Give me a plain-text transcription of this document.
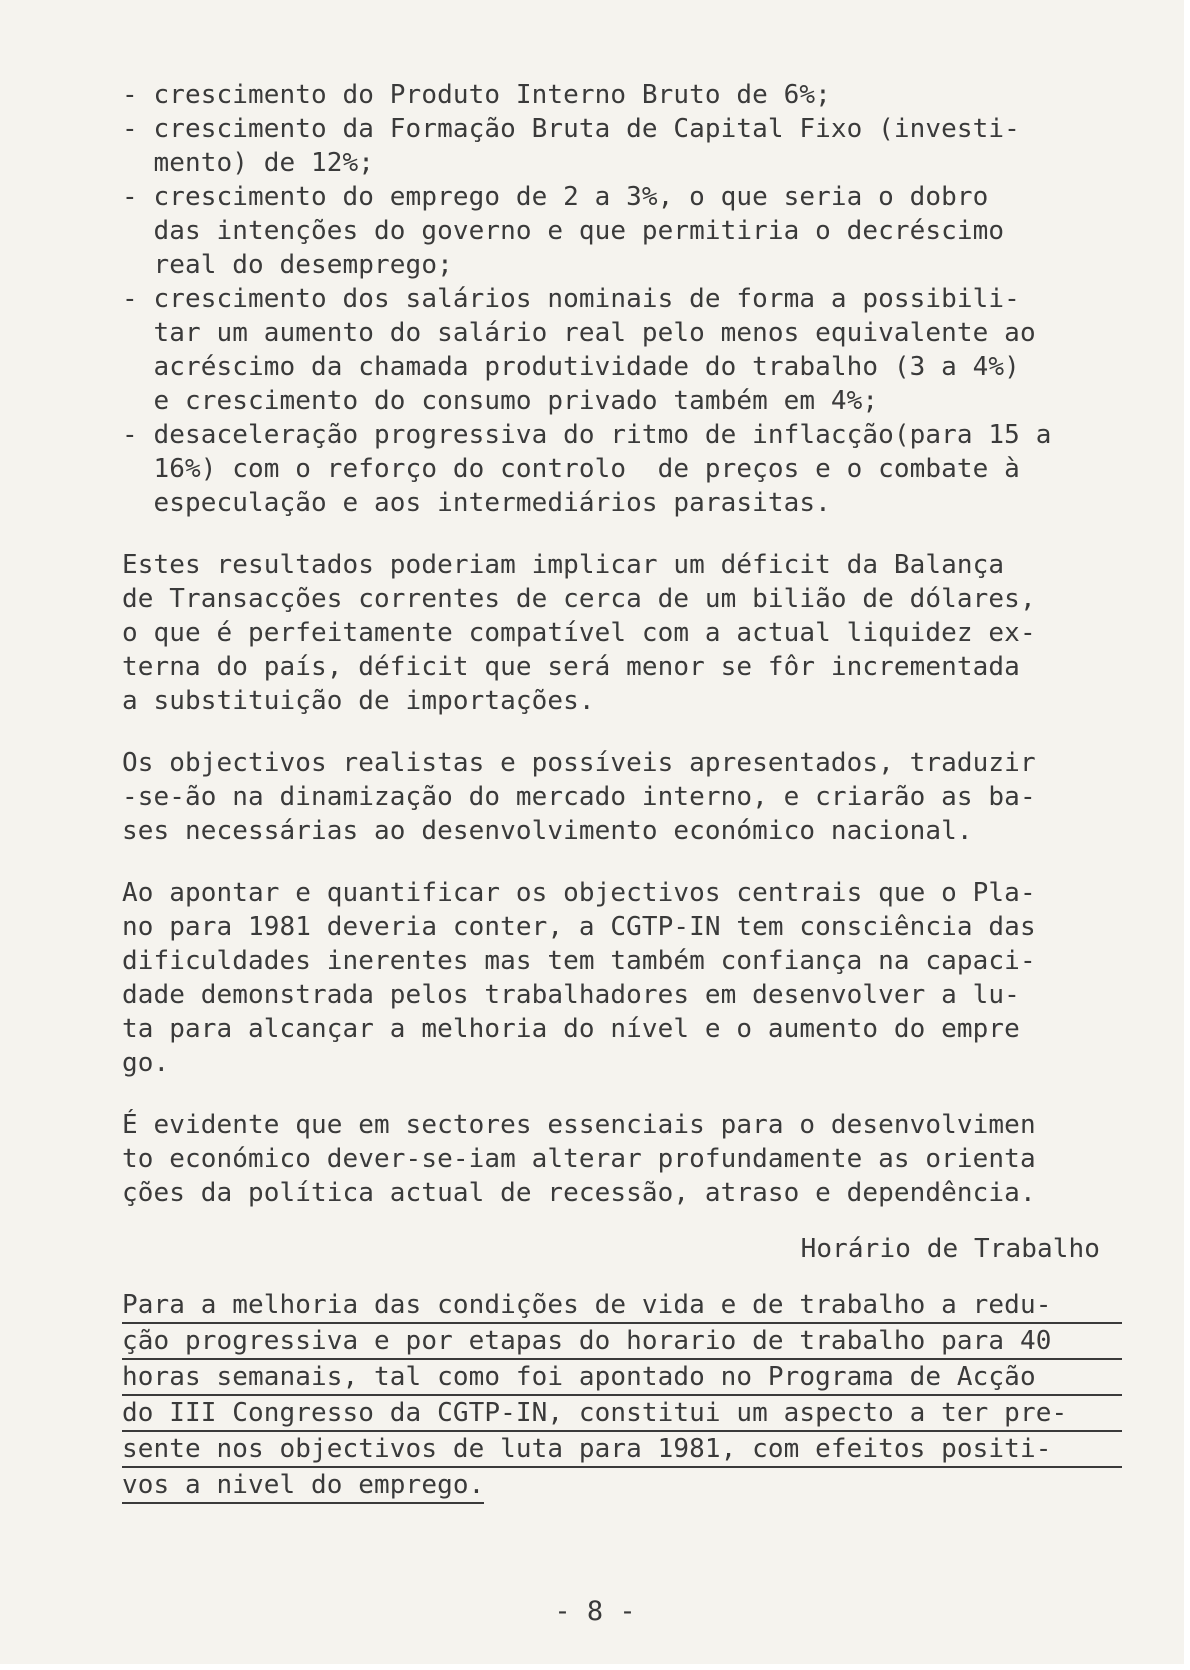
- crescimento do Produto Interno Bruto de 6%;
- crescimento da Formação Bruta de Capital Fixo (investi-
mento) de 12%;
- crescimento do emprego de 2 a 3%, o que seria o dobro
das intenções do governo e que permitiria o decréscimo
real do desemprego;
- crescimento dos salários nominais de forma a possibili-
tar um aumento do salário real pelo menos equivalente ao
acréscimo da chamada produtividade do trabalho (3 a 4%)
e crescimento do consumo privado também em 4%;
- desaceleração progressiva do ritmo de inflacção(para 15 a
16%) com o reforço do controlo  de preços e o combate à
especulação e aos intermediários parasitas.
Estes resultados poderiam implicar um déficit da Balança
de Transacções correntes de cerca de um bilião de dólares,
o que é perfeitamente compatível com a actual liquidez ex-
terna do país, déficit que será menor se fôr incrementada
a substituição de importações.
Os objectivos realistas e possíveis apresentados, traduzir
-se-ão na dinamização do mercado interno, e criarão as ba-
ses necessárias ao desenvolvimento económico nacional.
Ao apontar e quantificar os objectivos centrais que o Pla-
no para 1981 deveria conter, a CGTP-IN tem consciência das
dificuldades inerentes mas tem também confiança na capaci-
dade demonstrada pelos trabalhadores em desenvolver a lu-
ta para alcançar a melhoria do nível e o aumento do empre
go.
É evidente que em sectores essenciais para o desenvolvimen
to económico dever-se-iam alterar profundamente as orienta
ções da política actual de recessão, atraso e dependência.
Horário de Trabalho
Para a melhoria das condições de vida e de trabalho a redu-
ção progressiva e por etapas do horario de trabalho para 40
horas semanais, tal como foi apontado no Programa de Acção
do III Congresso da CGTP-IN, constitui um aspecto a ter pre-
sente nos objectivos de luta para 1981, com efeitos positi-
vos a nivel do emprego.
- 8 -
